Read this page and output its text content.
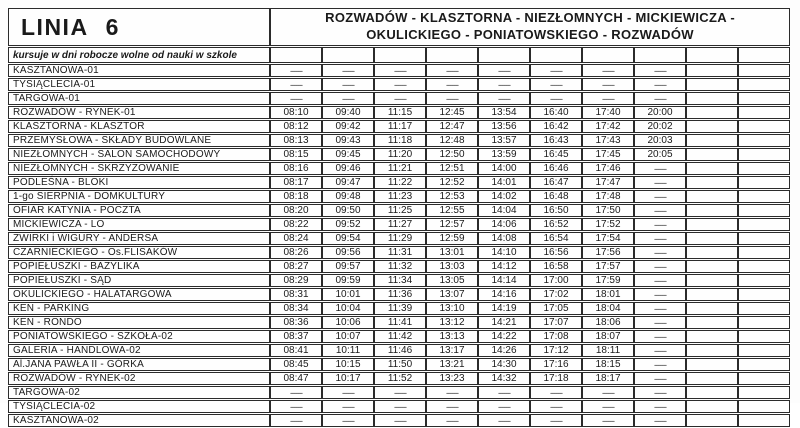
LINIA 6	ROZWADÓW - KLASZTORNA - NIEZŁOMNYCH - MICKIEWICZA -
OKULICKIEGO - PONIATOWSKIEGO - ROZWADÓW									

kursuje w dni robocze wolne od nauki w szkole										
KASZTANOWA-01	------	------	------	------	------	------	------	------		
TYSIĄCLECIA-01	------	------	------	------	------	------	------	------		
TARGOWA-01	------	------	------	------	------	------	------	------		
ROZWADÓW - RYNEK-01	08:10	09:40	11:15	12:45	13:54	16:40	17:40	20:00		
KLASZTORNA - KLASZTOR	08:12	09:42	11:17	12:47	13:56	16:42	17:42	20:02		
PRZEMYSŁOWA - SKŁADY BUDOWLANE	08:13	09:43	11:18	12:48	13:57	16:43	17:43	20:03		
NIEZŁOMNYCH - SALON SAMOCHODOWY	08:15	09:45	11:20	12:50	13:59	16:45	17:45	20:05		
NIEZŁOMNYCH - SKRZYŻOWANIE	08:16	09:46	11:21	12:51	14:00	16:46	17:46	------		
PODLEŚNA - BLOKI	08:17	09:47	11:22	12:52	14:01	16:47	17:47	------		
1-go SIERPNIA - DOMKULTURY	08:18	09:48	11:23	12:53	14:02	16:48	17:48	------		
OFIAR KATYNIA - POCZTA	08:20	09:50	11:25	12:55	14:04	16:50	17:50	------		
MICKIEWICZA - LO	08:22	09:52	11:27	12:57	14:06	16:52	17:52	------		
ŻWIRKI i WIGURY - ANDERSA	08:24	09:54	11:29	12:59	14:08	16:54	17:54	------		
CZARNIECKIEGO - Os.FLISAKÓW	08:26	09:56	11:31	13:01	14:10	16:56	17:56	------		
POPIEŁUSZKI - BAZYLIKA	08:27	09:57	11:32	13:03	14:12	16:58	17:57	------		
POPIEŁUSZKI - SĄD	08:29	09:59	11:34	13:05	14:14	17:00	17:59	------		
OKULICKIEGO - HALATARGOWA	08:31	10:01	11:36	13:07	14:16	17:02	18:01	------		
KEN - PARKING	08:34	10:04	11:39	13:10	14:19	17:05	18:04	------		
KEN - RONDO	08:36	10:06	11:41	13:12	14:21	17:07	18:06	------		
PONIATOWSKIEGO - SZKOŁA-02	08:37	10:07	11:42	13:13	14:22	17:08	18:07	------		
GALERIA - HANDLOWA-02	08:41	10:11	11:46	13:17	14:26	17:12	18:11	------		
Al.JANA PAWŁA II - GÓRKA	08:45	10:15	11:50	13:21	14:30	17:16	18:15	------		
ROZWADÓW - RYNEK-02	08:47	10:17	11:52	13:23	14:32	17:18	18:17	------		
TARGOWA-02	------	------	------	------	------	------	------	------		
TYSIĄCLECIA-02	------	------	------	------	------	------	------	------		
KASZTANOWA-02	------	------	------	------	------	------	------	------		
